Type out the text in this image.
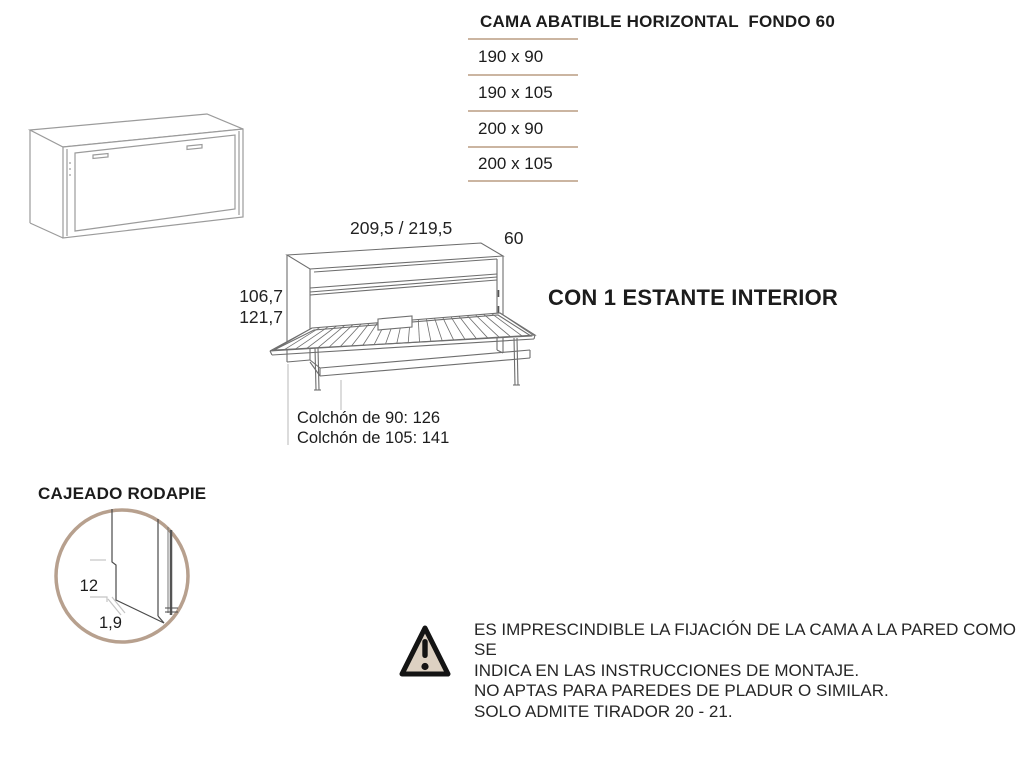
CAMA ABATIBLE HORIZONTAL  FONDO 60
190 x 90
190 x 105
200 x 90
200 x 105
209,5 / 219,5	60
106,7
121,7
CON 1 ESTANTE INTERIOR
Colchón de 90: 126
Colchón de 105: 141
CAJEADO RODAPIE
12
1,9	ES IMPRESCINDIBLE LA FIJACIÓN DE LA CAMA A LA PARED COMO SE
INDICA EN LAS INSTRUCCIONES DE MONTAJE.
NO APTAS PARA PAREDES DE PLADUR O SIMILAR.
SOLO ADMITE TIRADOR 20 - 21.
